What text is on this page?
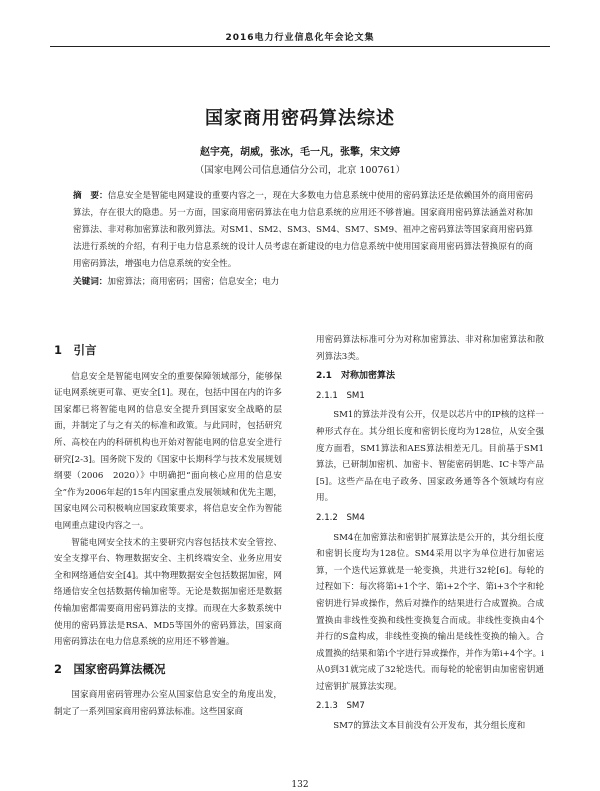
2016电力行业信息化年会论文集
国家商用密码算法综述
赵宇亮，胡威，张冰，毛一凡，张擎，宋文婷
（国家电网公司信息通信分公司，北京 100761）
摘　要：信息安全是智能电网建设的重要内容之一，现在大多数电力信息系统中使用的密码算法还是依赖国外的商用密码算法，存在很大的隐患。另一方面，国家商用密码算法在电力信息系统的应用还不够普遍。国家商用密码算法涵盖对称加密算法、非对称加密算法和散列算法。对SM1、SM2、SM3、SM4、SM7、SM9、祖冲之密码算法等国家商用密码算法进行系统的介绍，有利于电力信息系统的设计人员考虑在新建设的电力信息系统中使用国家商用密码算法替换原有的商用密码算法，增强电力信息系统的安全性。
关键词：加密算法；商用密码；国密；信息安全；电力
1　引言

信息安全是智能电网安全的重要保障领域部分，能够保证电网系统更可靠、更安全[1]。现在，包括中国在内的许多国家都已将智能电网的信息安全提升到国家安全战略的层面，并制定了与之有关的标准和政策。与此同时，包括研究所、高校在内的科研机构也开始对智能电网的信息安全进行研究[2-3]。国务院下发的《国家中长期科学与技术发展规划纲要（2006　2020）》中明确把“面向核心应用的信息安全”作为2006年起的15年内国家重点发展领域和优先主题，国家电网公司积极响应国家政策要求，将信息安全作为智能电网重点建设内容之一。

智能电网安全技术的主要研究内容包括技术安全管控、安全支撑平台、物理数据安全、主机终端安全、业务应用安全和网络通信安全[4]。其中物理数据安全包括数据加密，网络通信安全包括数据传输加密等。无论是数据加密还是数据传输加密都需要商用密码算法的支撑。而现在大多数系统中使用的密码算法是RSA、MD5等国外的密码算法，国家商用密码算法在电力信息系统的应用还不够普遍。

2　国家密码算法概况

国家商用密码管理办公室从国家信息安全的角度出发，制定了一系列国家商用密码算法标准。这些国家商

用密码算法标准可分为对称加密算法、非对称加密算法和散列算法3类。

2.1　对称加密算法
2.1.1　SM1

SM1的算法并没有公开，仅是以芯片中的IP核的这样一种形式存在。其分组长度和密钥长度均为128位，从安全强度方面看，SM1算法和AES算法相差无几。目前基于SM1算法，已研制加密机、加密卡、智能密码钥匙、IC卡等产品[5]。这些产品在电子政务、国家政务通等各个领域均有应用。

2.1.2　SM4

SM4在加密算法和密钥扩展算法是公开的，其分组长度和密钥长度均为128位。SM4采用以字为单位进行加密运算，一个迭代运算就是一轮变换，共进行32轮[6]。每轮的过程如下：每次将第i+1个字、第i+2个字、第i+3个字和轮密钥进行异或操作，然后对操作的结果进行合成置换。合成置换由非线性变换和线性变换复合而成。非线性变换由4个并行的S盒构成，非线性变换的输出是线性变换的输入。合成置换的结果和第i个字进行异或操作，并作为第i+4个字。i从0到31就完成了32轮迭代。而每轮的轮密钥由加密密钥通过密钥扩展算法实现。

2.1.3　SM7

SM7的算法文本目前没有公开发布，其分组长度和

132
